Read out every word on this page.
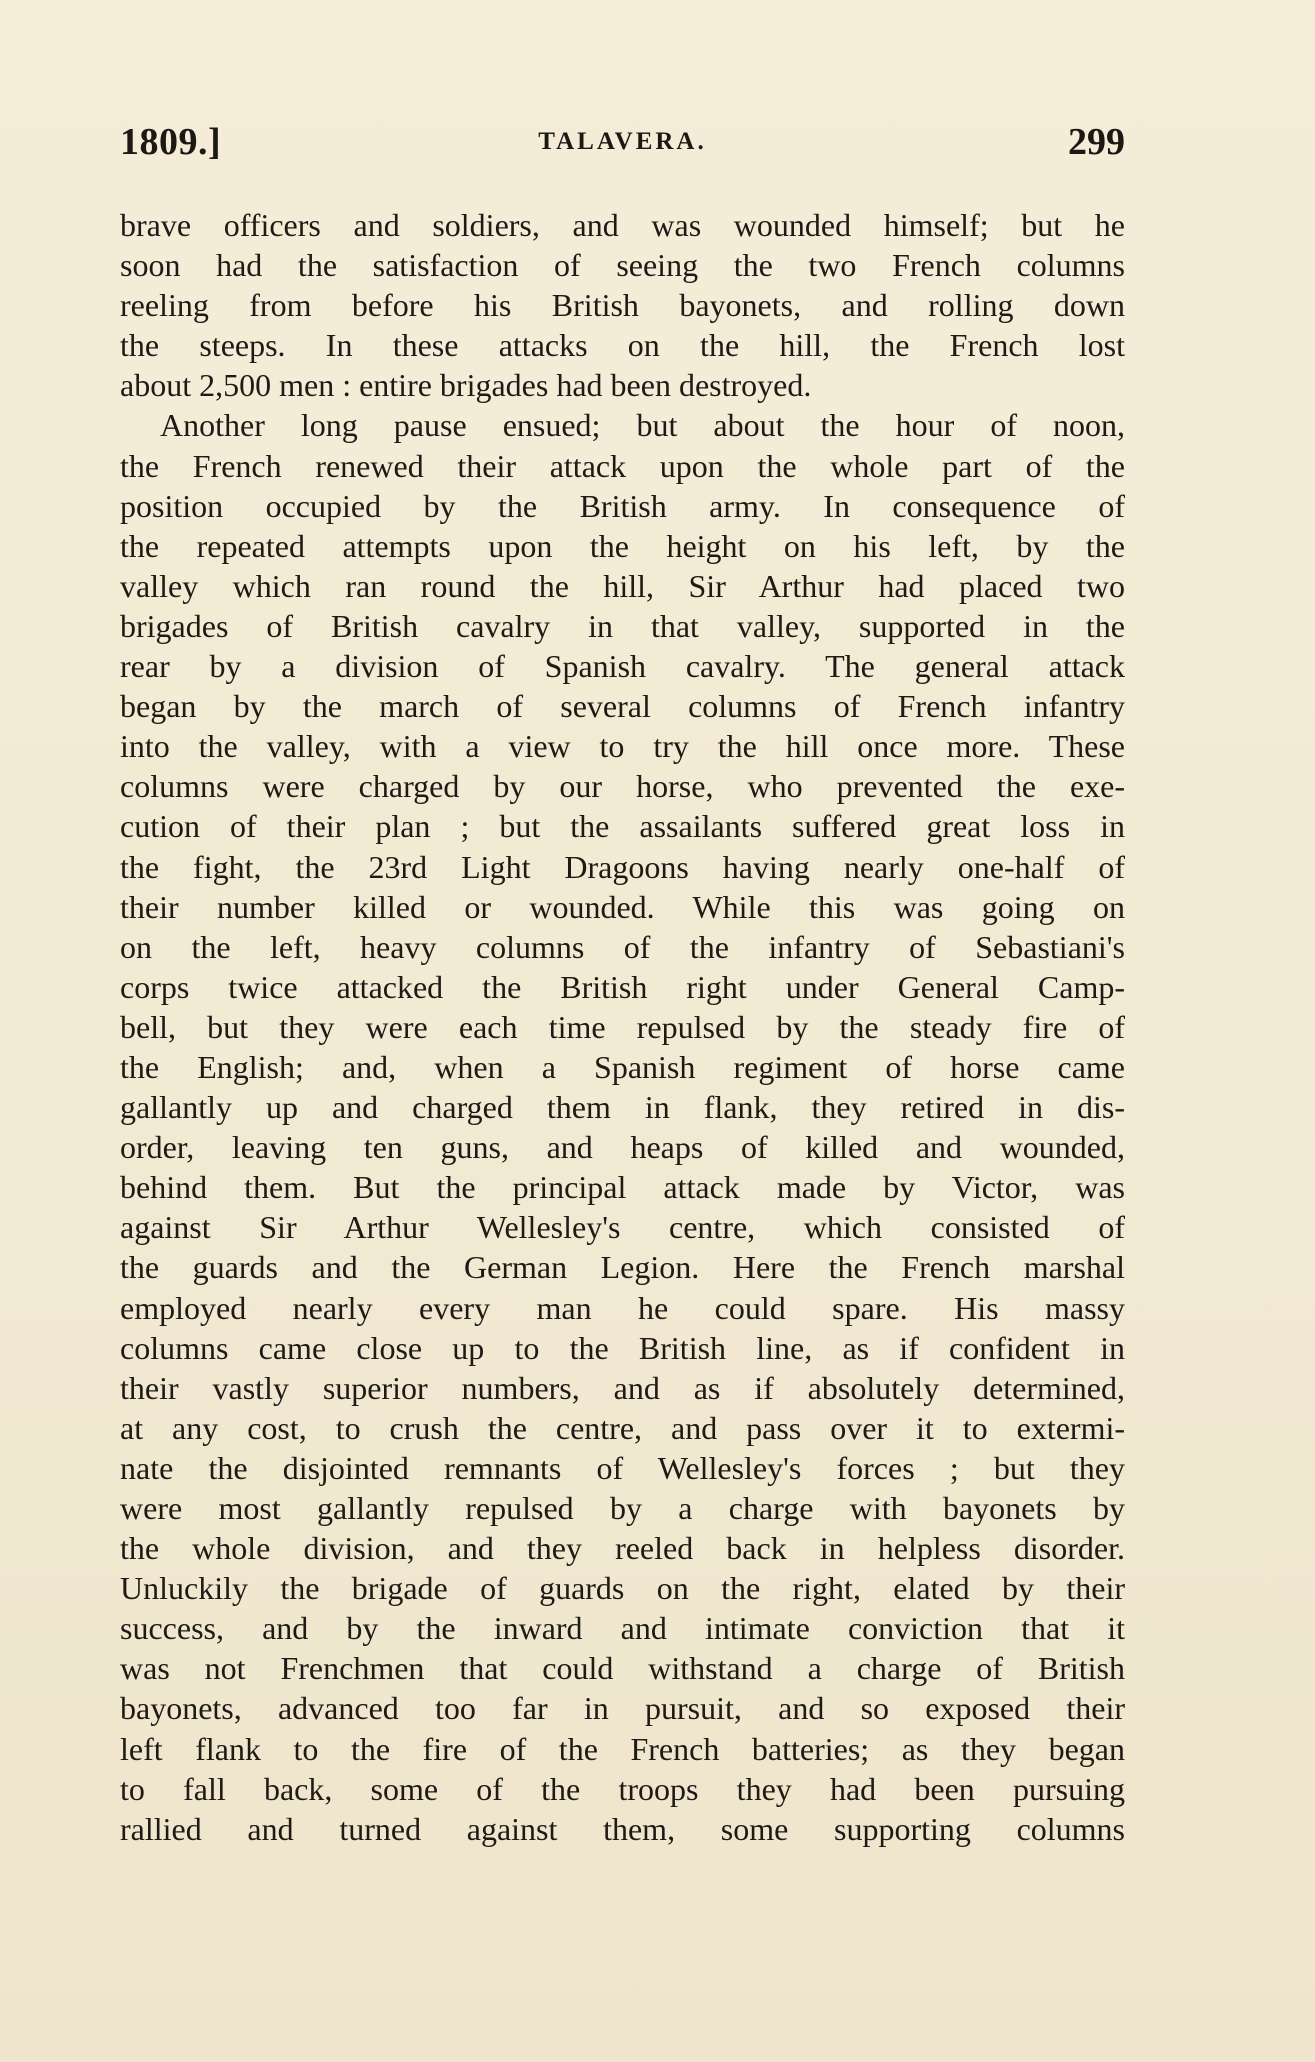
1809.]	TALAVERA.	299
brave officers and soldiers, and was wounded himself; but he
soon had the satisfaction of seeing the two French columns
reeling from before his British bayonets, and rolling down
the steeps. In these attacks on the hill, the French lost
about 2,500 men : entire brigades had been destroyed.
Another long pause ensued; but about the hour of noon,
the French renewed their attack upon the whole part of the
position occupied by the British army. In consequence of
the repeated attempts upon the height on his left, by the
valley which ran round the hill, Sir Arthur had placed two
brigades of British cavalry in that valley, supported in the
rear by a division of Spanish cavalry. The general attack
began by the march of several columns of French infantry
into the valley, with a view to try the hill once more. These
columns were charged by our horse, who prevented the exe-
cution of their plan ; but the assailants suffered great loss in
the fight, the 23rd Light Dragoons having nearly one-half of
their number killed or wounded. While this was going on
on the left, heavy columns of the infantry of Sebastiani's
corps twice attacked the British right under General Camp-
bell, but they were each time repulsed by the steady fire of
the English; and, when a Spanish regiment of horse came
gallantly up and charged them in flank, they retired in dis-
order, leaving ten guns, and heaps of killed and wounded,
behind them. But the principal attack made by Victor, was
against Sir Arthur Wellesley's centre, which consisted of
the guards and the German Legion. Here the French marshal
employed nearly every man he could spare. His massy
columns came close up to the British line, as if confident in
their vastly superior numbers, and as if absolutely determined,
at any cost, to crush the centre, and pass over it to extermi-
nate the disjointed remnants of Wellesley's forces ; but they
were most gallantly repulsed by a charge with bayonets by
the whole division, and they reeled back in helpless disorder.
Unluckily the brigade of guards on the right, elated by their
success, and by the inward and intimate conviction that it
was not Frenchmen that could withstand a charge of British
bayonets, advanced too far in pursuit, and so exposed their
left flank to the fire of the French batteries; as they began
to fall back, some of the troops they had been pursuing
rallied and turned against them, some supporting columns
